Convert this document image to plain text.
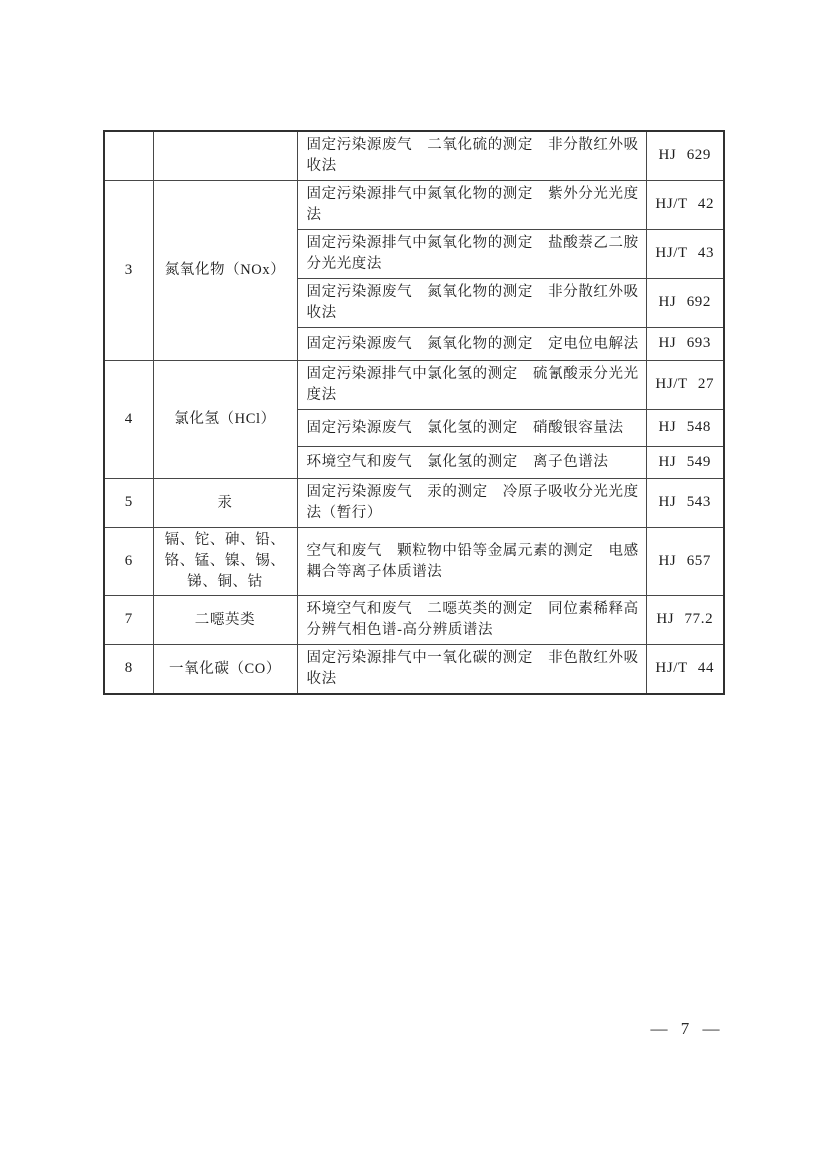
		固定污染源废气　二氧化硫的测定　非分散红外吸收法	HJ 629
3	氮氧化物（NOx）	固定污染源排气中氮氧化物的测定　紫外分光光度法	HJ/T 42
		固定污染源排气中氮氧化物的测定　盐酸萘乙二胺分光光度法	HJ/T 43
		固定污染源废气　氮氧化物的测定　非分散红外吸收法	HJ 692
		固定污染源废气　氮氧化物的测定　定电位电解法	HJ 693
4	氯化氢（HCl）	固定污染源排气中氯化氢的测定　硫氰酸汞分光光度法	HJ/T 27
		固定污染源废气　氯化氢的测定　硝酸银容量法	HJ 548
		环境空气和废气　氯化氢的测定　离子色谱法	HJ 549
5	汞	固定污染源废气　汞的测定　冷原子吸收分光光度法（暂行）	HJ 543
6	镉、铊、砷、铅、铬、锰、镍、锡、锑、铜、钴	空气和废气　颗粒物中铅等金属元素的测定　电感耦合等离子体质谱法	HJ 657
7	二噁英类	环境空气和废气　二噁英类的测定　同位素稀释高分辨气相色谱-高分辨质谱法	HJ 77.2
8	一氧化碳（CO）	固定污染源排气中一氧化碳的测定　非色散红外吸收法	HJ/T 44
— 7 —
